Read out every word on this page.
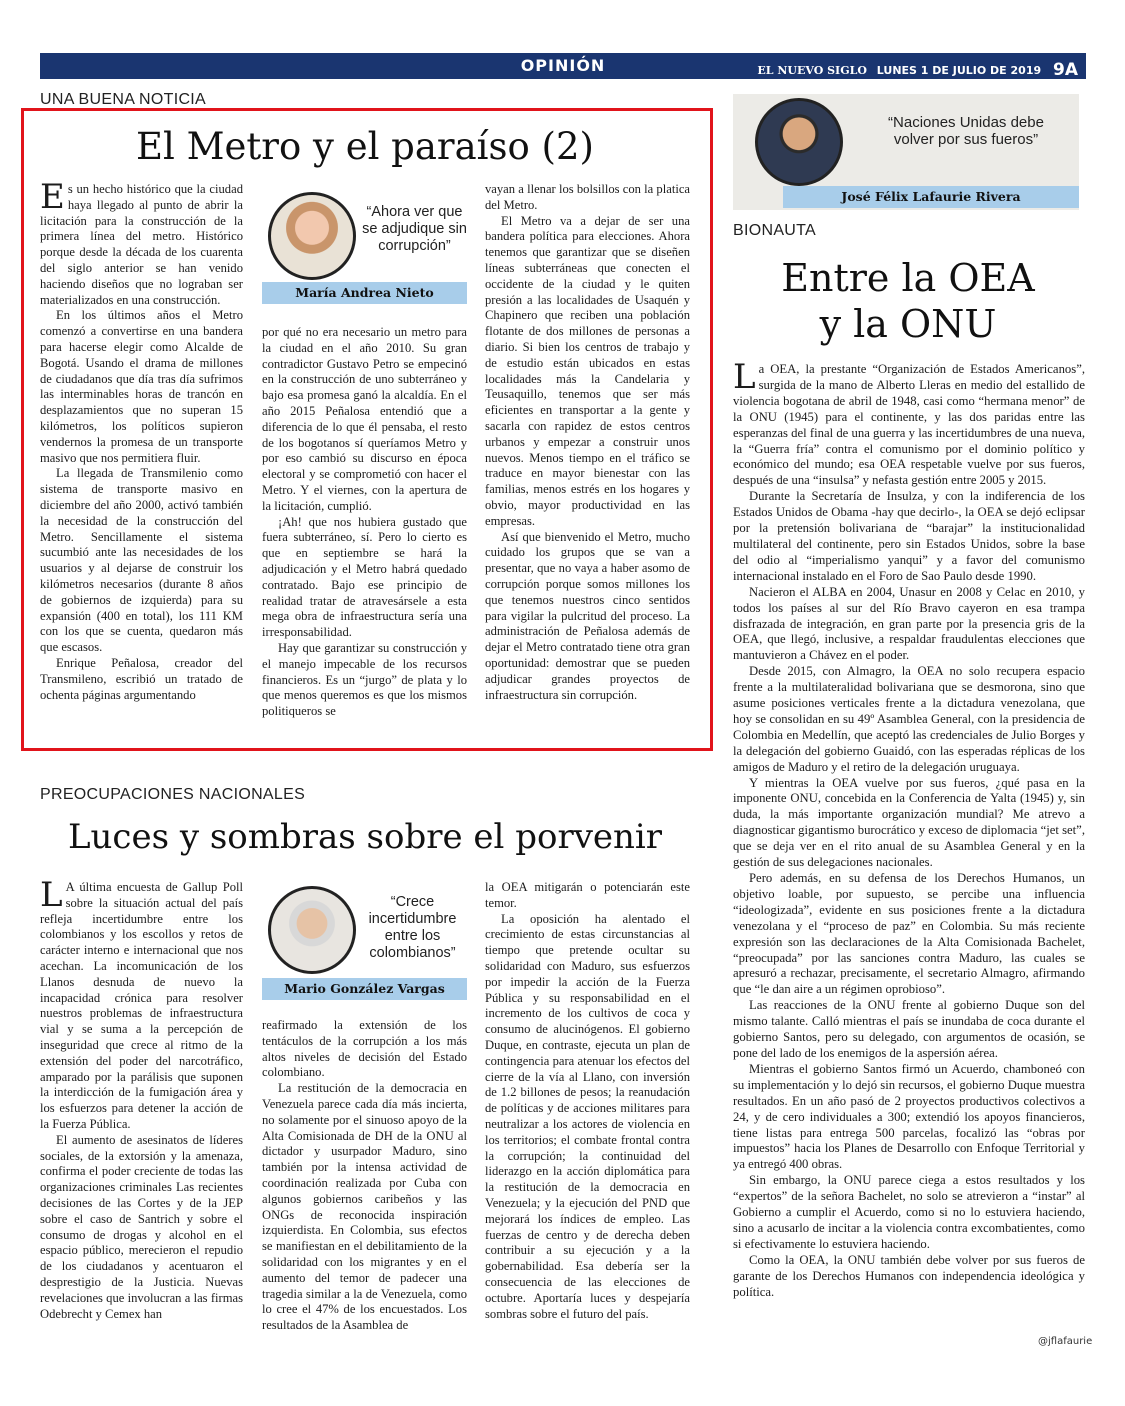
OPINIÓN	EL NUEVO SIGLO LUNES 1 DE JULIO DE 2019 9A
UNA BUENA NOTICIA
El Metro y el paraíso (2)

Es un hecho histórico que la ciudad haya llegado al punto de abrir la licitación para la construcción de la primera línea del metro. Histórico porque desde la década de los cuarenta del siglo anterior se han venido haciendo diseños que no lograban ser materializados en una construcción.

En los últimos años el Metro comenzó a convertirse en una bandera para hacerse elegir como Alcalde de Bogotá. Usando el drama de millones de ciudadanos que día tras día sufrimos las interminables horas de trancón en desplazamientos que no superan 15 kilómetros, los políticos supieron vendernos la promesa de un transporte masivo que nos permitiera fluir.

La llegada de Transmilenio como sistema de transporte masivo en diciembre del año 2000, activó también la necesidad de la construcción del Metro. Sencillamente el sistema sucumbió ante las necesidades de los usuarios y al dejarse de construir los kilómetros necesarios (durante 8 años de gobiernos de izquierda) para su expansión (400 en total), los 111 KM con los que se cuenta, quedaron más que escasos.

Enrique Peñalosa, creador del Transmileno, escribió un tratado de ochenta páginas argumentando

“Ahora ver que se adjudique sin corrupción”
María Andrea Nieto

por qué no era necesario un metro para la ciudad en el año 2010. Su gran contradictor Gustavo Petro se empecinó en la construcción de uno subterráneo y bajo esa promesa ganó la alcaldía. En el año 2015 Peñalosa entendió que a diferencia de lo que él pensaba, el resto de los bogotanos sí queríamos Metro y por eso cambió su discurso en época electoral y se comprometió con hacer el Metro. Y el viernes, con la apertura de la licitación, cumplió.

¡Ah! que nos hubiera gustado que fuera subterráneo, sí. Pero lo cierto es que en septiembre se hará la adjudicación y el Metro habrá quedado contratado. Bajo ese principio de realidad tratar de atravesársele a esta mega obra de infraestructura sería una irresponsabilidad.

Hay que garantizar su construcción y el manejo impecable de los recursos financieros. Es un “jurgo” de plata y lo que menos queremos es que los mismos politiqueros se

vayan a llenar los bolsillos con la platica del Metro.

El Metro va a dejar de ser una bandera política para elecciones. Ahora tenemos que garantizar que se diseñen líneas subterráneas que conecten el occidente de la ciudad y le quiten presión a las localidades de Usaquén y Chapinero que reciben una población flotante de dos millones de personas a diario. Si bien los centros de trabajo y de estudio están ubicados en estas localidades más la Candelaria y Teusaquillo, tenemos que ser más eficientes en transportar a la gente y sacarla con rapidez de estos centros urbanos y empezar a construir unos nuevos. Menos tiempo en el tráfico se traduce en mayor bienestar con las familias, menos estrés en los hogares y obvio, mayor productividad en las empresas.

Así que bienvenido el Metro, mucho cuidado los grupos que se van a presentar, que no vaya a haber asomo de corrupción porque somos millones los que tenemos nuestros cinco sentidos para vigilar la pulcritud del proceso. La administración de Peñalosa además de dejar el Metro contratado tiene otra gran oportunidad: demostrar que se pueden adjudicar grandes proyectos de infraestructura sin corrupción.

PREOCUPACIONES NACIONALES
Luces y sombras sobre el porvenir

L A última encuesta de Gallup Poll sobre la situación actual del país refleja incertidumbre entre los colombianos y los escollos y retos de carácter interno e internacional que nos acechan. La incomunicación de los Llanos desnuda de nuevo la incapacidad crónica para resolver nuestros problemas de infraestructura vial y se suma a la percepción de inseguridad que crece al ritmo de la extensión del poder del narcotráfico, amparado por la parálisis que suponen la interdicción de la fumigación área y los esfuerzos para detener la acción de la Fuerza Pública.

El aumento de asesinatos de líderes sociales, de la extorsión y la amenaza, confirma el poder creciente de todas las organizaciones criminales Las recientes decisiones de las Cortes y de la JEP sobre el caso de Santrich y sobre el consumo de drogas y alcohol en el espacio público, merecieron el repudio de los ciudadanos y acentuaron el desprestigio de la Justicia. Nuevas revelaciones que involucran a las firmas Odebrecht y Cemex han

“Crece incertidumbre entre los colombianos”
Mario González Vargas

reafirmado la extensión de los tentáculos de la corrupción a los más altos niveles de decisión del Estado colombiano.

La restitución de la democracia en Venezuela parece cada día más incierta, no solamente por el sinuoso apoyo de la Alta Comisionada de DH de la ONU al dictador y usurpador Maduro, sino también por la intensa actividad de coordinación realizada por Cuba con algunos gobiernos caribeños y las ONGs de reconocida inspiración izquierdista. En Colombia, sus efectos se manifiestan en el debilitamiento de la solidaridad con los migrantes y en el aumento del temor de padecer una tragedia similar a la de Venezuela, como lo cree el 47% de los encuestados. Los resultados de la Asamblea de

la OEA mitigarán o potenciarán este temor.

La oposición ha alentado el crecimiento de estas circunstancias al tiempo que pretende ocultar su solidaridad con Maduro, sus esfuerzos por impedir la acción de la Fuerza Pública y su responsabilidad en el incremento de los cultivos de coca y consumo de alucinógenos. El gobierno Duque, en contraste, ejecuta un plan de contingencia para atenuar los efectos del cierre de la vía al Llano, con inversión de 1.2 billones de pesos; la reanudación de políticas y de acciones militares para neutralizar a los actores de violencia en los territorios; el combate frontal contra la corrupción; la continuidad del liderazgo en la acción diplomática para la restitución de la democracia en Venezuela; y la ejecución del PND que mejorará los índices de empleo. Las fuerzas de centro y de derecha deben contribuir a su ejecución y a la gobernabilidad. Esa debería ser la consecuencia de las elecciones de octubre. Aportaría luces y despejaría sombras sobre el futuro del país.

“Naciones Unidas debe volver por sus fueros”
José Félix Lafaurie Rivera
BIONAUTA
Entre la OEA
y la ONU

La OEA, la prestante “Organización de Estados Americanos”, surgida de la mano de Alberto Lleras en medio del estallido de violencia bogotana de abril de 1948, casi como “hermana menor” de la ONU (1945) para el continente, y las dos paridas entre las esperanzas del final de una guerra y las incertidumbres de una nueva, la “Guerra fría” contra el comunismo por el dominio político y económico del mundo; esa OEA respetable vuelve por sus fueros, después de una “insulsa” y nefasta gestión entre 2005 y 2015.

Durante la Secretaría de Insulza, y con la indiferencia de los Estados Unidos de Obama -hay que decirlo-, la OEA se dejó eclipsar por la pretensión bolivariana de “barajar” la institucionalidad multilateral del continente, pero sin Estados Unidos, sobre la base del odio al “imperialismo yanqui” y a favor del comunismo internacional instalado en el Foro de Sao Paulo desde 1990.

Nacieron el ALBA en 2004, Unasur en 2008 y Celac en 2010, y todos los países al sur del Río Bravo cayeron en esa trampa disfrazada de integración, en gran parte por la presencia gris de la OEA, que llegó, inclusive, a respaldar fraudulentas elecciones que mantuvieron a Chávez en el poder.

Desde 2015, con Almagro, la OEA no solo recupera espacio frente a la multilateralidad bolivariana que se desmorona, sino que asume posiciones verticales frente a la dictadura venezolana, que hoy se consolidan en su 49º Asamblea General, con la presidencia de Colombia en Medellín, que aceptó las credenciales de Julio Borges y la delegación del gobierno Guaidó, con las esperadas réplicas de los amigos de Maduro y el retiro de la delegación uruguaya.

Y mientras la OEA vuelve por sus fueros, ¿qué pasa en la imponente ONU, concebida en la Conferencia de Yalta (1945) y, sin duda, la más importante organización mundial? Me atrevo a diagnosticar gigantismo burocrático y exceso de diplomacia “jet set”, que se deja ver en el rito anual de su Asamblea General y en la gestión de sus delegaciones nacionales.

Pero además, en su defensa de los Derechos Humanos, un objetivo loable, por supuesto, se percibe una influencia “ideologizada”, evidente en sus posiciones frente a la dictadura venezolana y el “proceso de paz” en Colombia. Su más reciente expresión son las declaraciones de la Alta Comisionada Bachelet, “preocupada” por las sanciones contra Maduro, las cuales se apresuró a rechazar, precisamente, el secretario Almagro, afirmando que “le dan aire a un régimen oprobioso”.

Las reacciones de la ONU frente al gobierno Duque son del mismo talante. Calló mientras el país se inundaba de coca durante el gobierno Santos, pero su delegado, con argumentos de ocasión, se pone del lado de los enemigos de la aspersión aérea.

Mientras el gobierno Santos firmó un Acuerdo, chamboneó con su implementación y lo dejó sin recursos, el gobierno Duque muestra resultados. En un año pasó de 2 proyectos productivos colectivos a 24, y de cero individuales a 300; extendió los apoyos financieros, tiene listas para entrega 500 parcelas, focalizó las “obras por impuestos” hacia los Planes de Desarrollo con Enfoque Territorial y ya entregó 400 obras.

Sin embargo, la ONU parece ciega a estos resultados y los “expertos” de la señora Bachelet, no solo se atrevieron a “instar” al Gobierno a cumplir el Acuerdo, como si no lo estuviera haciendo, sino a acusarlo de incitar a la violencia contra excombatientes, como si efectivamente lo estuviera haciendo.

Como la OEA, la ONU también debe volver por sus fueros de garante de los Derechos Humanos con independencia ideológica y política.

@jflafaurie
